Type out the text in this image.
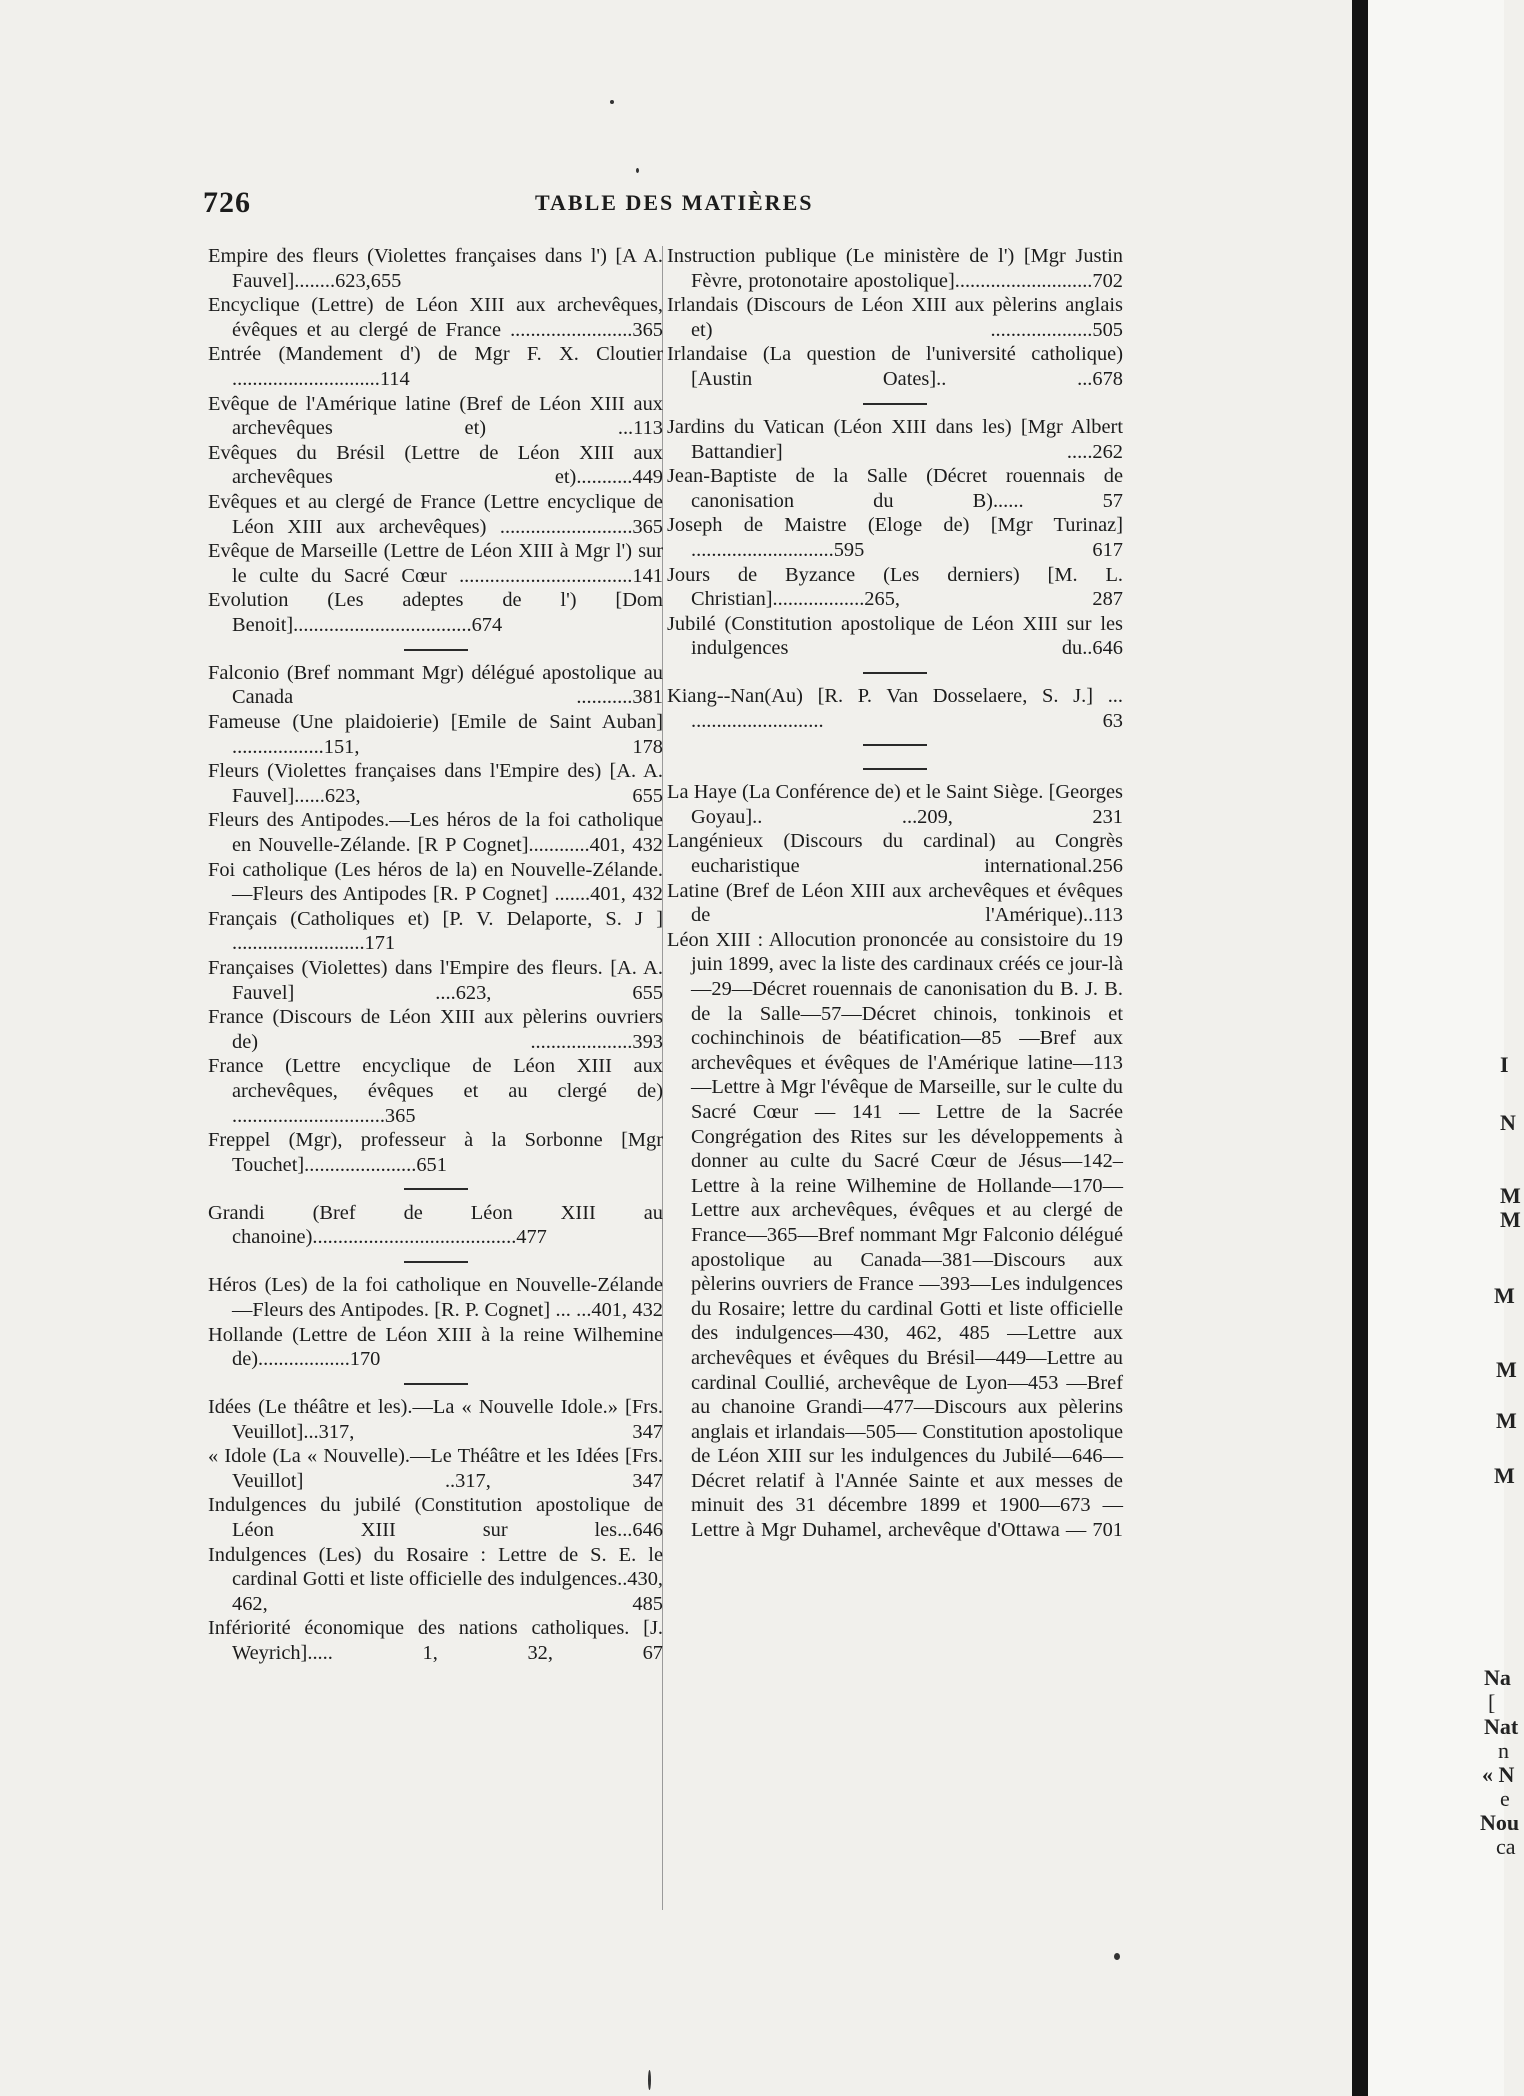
726	TABLE DES MATIÈRES
Empire des fleurs (Violettes françaises dans l') [A A. Fauvel]........623,655
Encyclique (Lettre) de Léon XIII aux archevêques, évêques et au clergé de France ........................365
Entrée (Mandement d') de Mgr F. X. Cloutier .............................114
Evêque de l'Amérique latine (Bref de Léon XIII aux archevêques et) ...113
Evêques du Brésil (Lettre de Léon XIII aux archevêques et)...........449
Evêques et au clergé de France (Lettre encyclique de Léon XIII aux archevêques) ..........................365
Evêque de Marseille (Lettre de Léon XIII à Mgr l') sur le culte du Sacré Cœur ..................................141
Evolution (Les adeptes de l') [Dom Benoit]...................................674
Falconio (Bref nommant Mgr) délégué apostolique au Canada ...........381
Fameuse (Une plaidoierie) [Emile de Saint Auban] ..................151, 178
Fleurs (Violettes françaises dans l'Empire des) [A. A. Fauvel]......623, 655
Fleurs des Antipodes.—Les héros de la foi catholique en Nouvelle-Zélande. [R P Cognet]............401, 432
Foi catholique (Les héros de la) en Nouvelle-Zélande.—Fleurs des Antipodes [R. P Cognet] .......401, 432
Français (Catholiques et) [P. V. Delaporte, S. J ] ..........................171
Françaises (Violettes) dans l'Empire des fleurs. [A. A. Fauvel] ....623, 655
France (Discours de Léon XIII aux pèlerins ouvriers de) ....................393
France (Lettre encyclique de Léon XIII aux archevêques, évêques et au clergé de) ..............................365
Freppel (Mgr), professeur à la Sorbonne [Mgr Touchet]......................651
Grandi (Bref de Léon XIII au chanoine)........................................477
Héros (Les) de la foi catholique en Nouvelle-Zélande —Fleurs des Antipodes. [R. P. Cognet] ... ...401, 432
Hollande (Lettre de Léon XIII à la reine Wilhemine de)..................170
Idées (Le théâtre et les).—La « Nouvelle Idole.» [Frs. Veuillot]...317, 347
« Idole (La « Nouvelle).—Le Théâtre et les Idées [Frs. Veuillot] ..317, 347
Indulgences du jubilé (Constitution apostolique de Léon XIII sur les...646
Indulgences (Les) du Rosaire : Lettre de S. E. le cardinal Gotti et liste officielle des indulgences..430, 462, 485
Infériorité économique des nations catholiques. [J. Weyrich]..... 1, 32, 67
Instruction publique (Le ministère de l') [Mgr Justin Fèvre, protonotaire apostolique]...........................702
Irlandais (Discours de Léon XIII aux pèlerins anglais et) ....................505
Irlandaise (La question de l'université catholique) [Austin Oates].. ...678
Jardins du Vatican (Léon XIII dans les) [Mgr Albert Battandier] .....262
Jean-Baptiste de la Salle (Décret rouennais de canonisation du B)...... 57
Joseph de Maistre (Eloge de) [Mgr Turinaz] ............................595 617
Jours de Byzance (Les derniers) [M. L. Christian]..................265, 287
Jubilé (Constitution apostolique de Léon XIII sur les indulgences du..646
Kiang--Nan(Au) [R. P. Van Dosselaere, S. J.] ... .......................... 63
La Haye (La Conférence de) et le Saint Siège. [Georges Goyau].. ...209, 231
Langénieux (Discours du cardinal) au Congrès eucharistique international.256
Latine (Bref de Léon XIII aux archevêques et évêques de l'Amérique)..113
Léon XIII : Allocution prononcée au consistoire du 19 juin 1899, avec la liste des cardinaux créés ce jour-là—29—Décret rouennais de canonisation du B. J. B. de la Salle—57—Décret chinois, tonkinois et cochinchinois de béatification—85 —Bref aux archevêques et évêques de l'Amérique latine—113—Lettre à Mgr l'évêque de Marseille, sur le culte du Sacré Cœur — 141 — Lettre de la Sacrée Congrégation des Rites sur les développements à donner au culte du Sacré Cœur de Jésus—142–Lettre à la reine Wilhemine de Hollande—170—Lettre aux archevêques, évêques et au clergé de France—365—Bref nommant Mgr Falconio délégué apostolique au Canada—381—Discours aux pèlerins ouvriers de France —393—Les indulgences du Rosaire; lettre du cardinal Gotti et liste officielle des indulgences—430, 462, 485 —Lettre aux archevêques et évêques du Brésil—449—Lettre au cardinal Coullié, archevêque de Lyon—453 —Bref au chanoine Grandi—477—Discours aux pèlerins anglais et irlandais—505— Constitution apostolique de Léon XIII sur les indulgences du Jubilé—646—Décret relatif à l'Année Sainte et aux messes de minuit des 31 décembre 1899 et 1900—673 — Lettre à Mgr Duhamel, archevêque d'Ottawa — 701
I
N
M
M
M
M
M
M
Na
[
Nat
n
« N
e
Nou
ca
